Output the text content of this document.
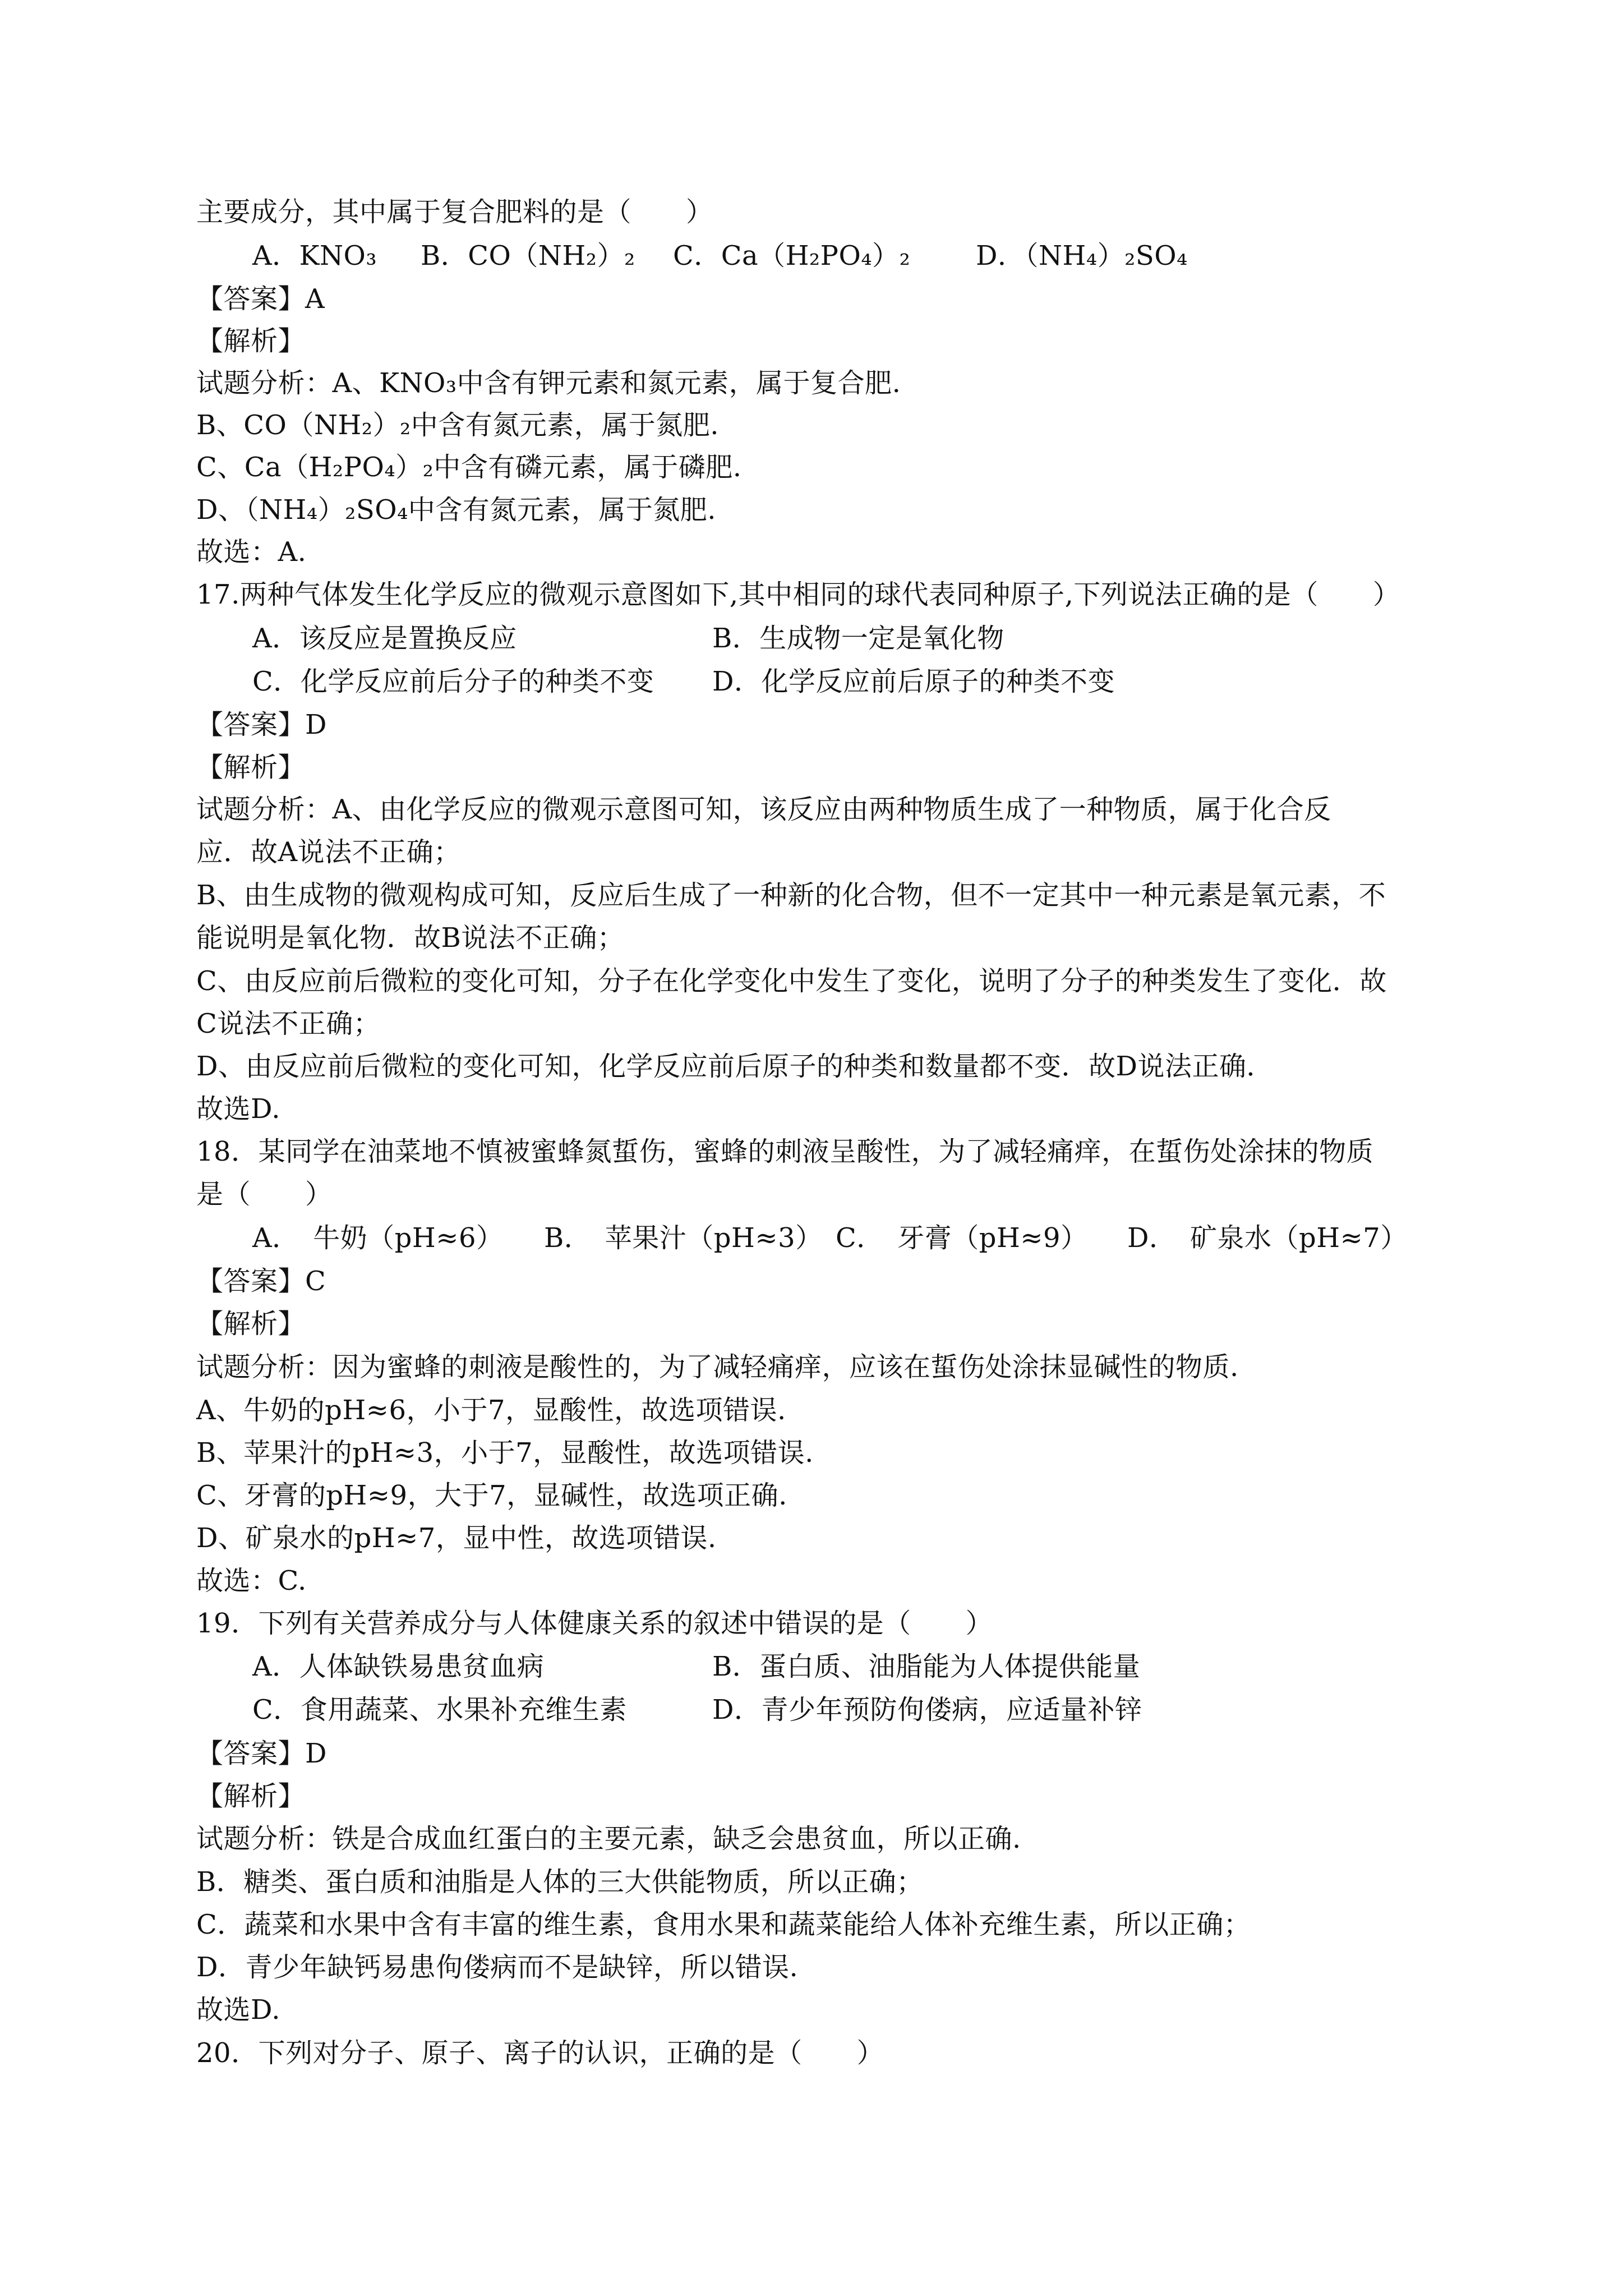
主要成分，其中属于复合肥料的是（　　）
A．KNO₃ B．CO（NH₂）₂ C．Ca（H₂PO₄）₂ D．（NH₄）₂SO₄
【答案】A
【解析】
试题分析：A、KNO₃中含有钾元素和氮元素，属于复合肥.
B、CO（NH₂）₂中含有氮元素，属于氮肥.
C、Ca（H₂PO₄）₂中含有磷元素，属于磷肥.
D、（NH₄）₂SO₄中含有氮元素，属于氮肥.
故选：A.
17.两种气体发生化学反应的微观示意图如下,其中相同的球代表同种原子,下列说法正确的是（　　）
A．该反应是置换反应	B．生成物一定是氧化物
C．化学反应前后分子的种类不变 D．化学反应前后原子的种类不变
【答案】D
【解析】
试题分析：A、由化学反应的微观示意图可知，该反应由两种物质生成了一种物质，属于化合反
应．故A说法不正确；
B、由生成物的微观构成可知，反应后生成了一种新的化合物，但不一定其中一种元素是氧元素，不
能说明是氧化物．故B说法不正确；
C、由反应前后微粒的变化可知，分子在化学变化中发生了变化，说明了分子的种类发生了变化．故
C说法不正确；
D、由反应前后微粒的变化可知，化学反应前后原子的种类和数量都不变．故D说法正确．
故选D.
18．某同学在油菜地不慎被蜜蜂氮蜇伤，蜜蜂的刺液呈酸性，为了减轻痛痒，在蜇伤处涂抹的物质
是（　　）
A．　牛奶（pH≈6） B．　苹果汁（pH≈3） C．　牙膏（pH≈9） D．　矿泉水（pH≈7）
【答案】C
【解析】
试题分析：因为蜜蜂的刺液是酸性的，为了减轻痛痒，应该在蜇伤处涂抹显碱性的物质.
A、牛奶的pH≈6，小于7，显酸性，故选项错误.
B、苹果汁的pH≈3，小于7，显酸性，故选项错误.
C、牙膏的pH≈9，大于7，显碱性，故选项正确.
D、矿泉水的pH≈7，显中性，故选项错误.
故选：C.
19．下列有关营养成分与人体健康关系的叙述中错误的是（　　）
A．人体缺铁易患贫血病	B．蛋白质、油脂能为人体提供能量
C．食用蔬菜、水果补充维生素	D．青少年预防佝偻病，应适量补锌
【答案】D
【解析】
试题分析：铁是合成血红蛋白的主要元素，缺乏会患贫血，所以正确.
B．糖类、蛋白质和油脂是人体的三大供能物质，所以正确；
C．蔬菜和水果中含有丰富的维生素，食用水果和蔬菜能给人体补充维生素，所以正确；
D．青少年缺钙易患佝偻病而不是缺锌，所以错误.
故选D.
20．下列对分子、原子、离子的认识，正确的是（　　）
